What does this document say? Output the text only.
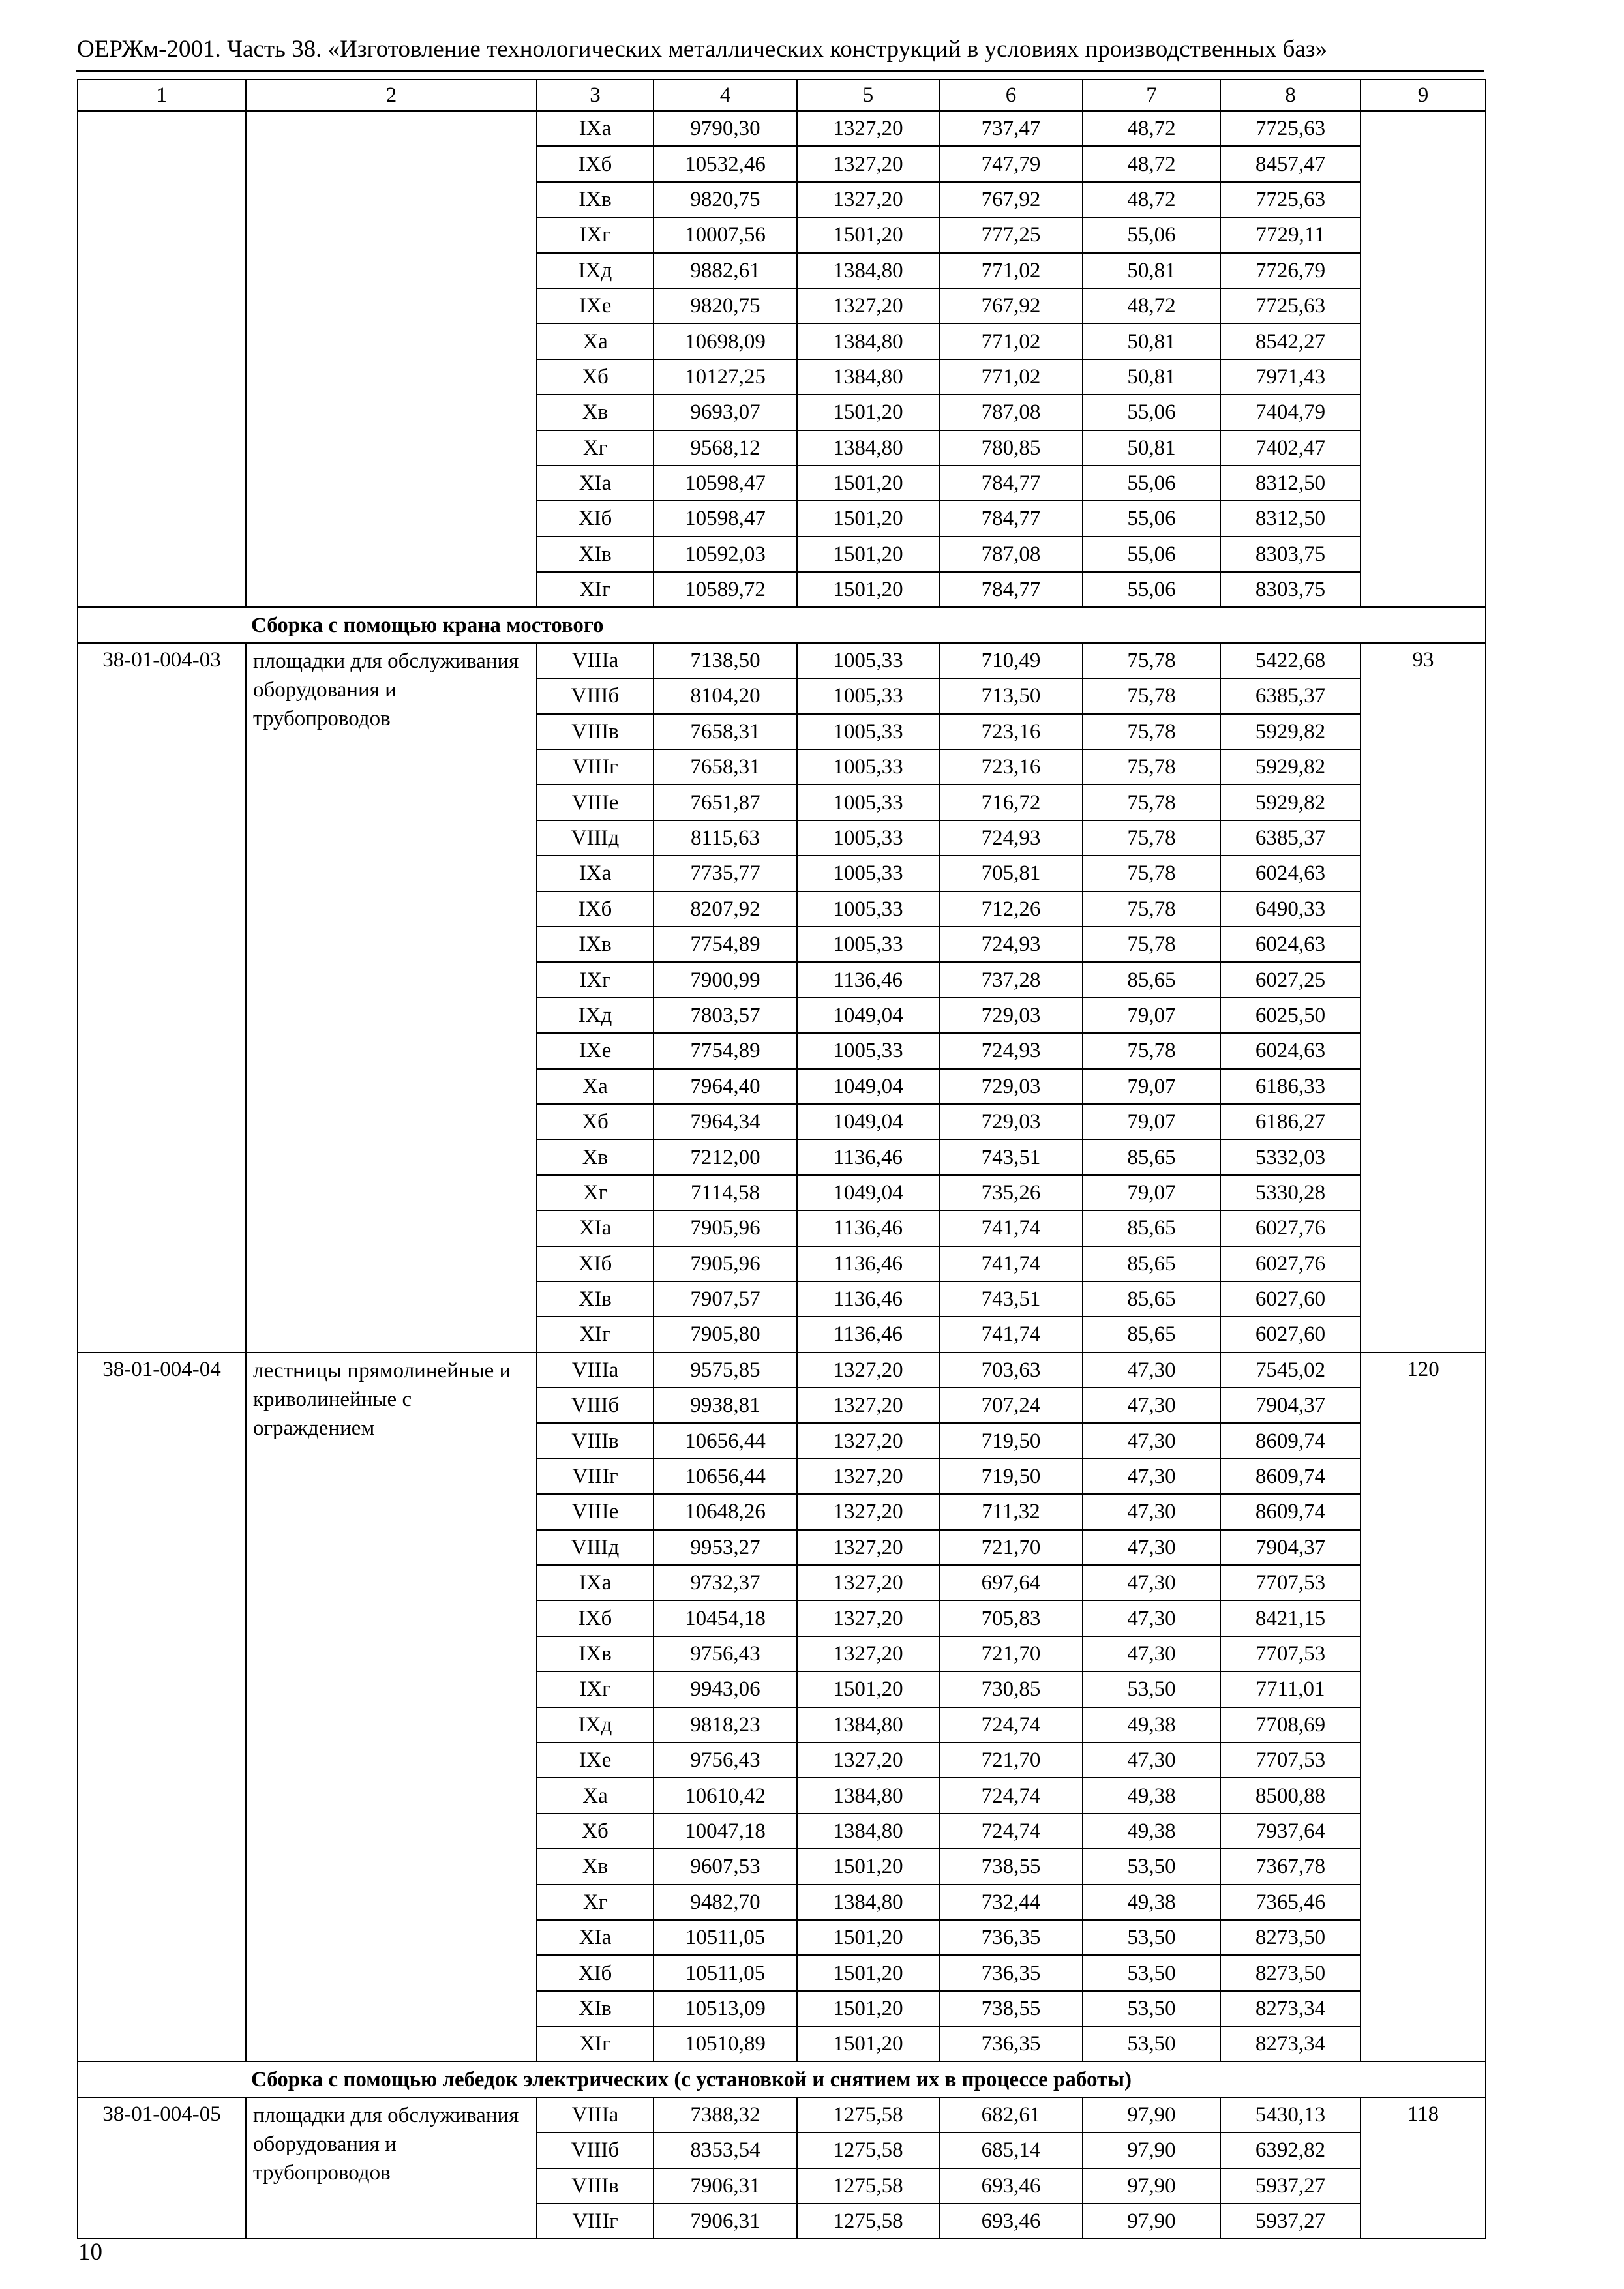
ОЕРЖм-2001. Часть 38. «Изготовление технологических металлических конструкций в условиях производственных баз»
1	2	3	4	5	6	7	8	9
		IXа	9790,30	1327,20	737,47	48,72	7725,63	
		IXб	10532,46	1327,20	747,79	48,72	8457,47	
		IXв	9820,75	1327,20	767,92	48,72	7725,63	
		IXг	10007,56	1501,20	777,25	55,06	7729,11	
		IXд	9882,61	1384,80	771,02	50,81	7726,79	
		IXе	9820,75	1327,20	767,92	48,72	7725,63	
		Xа	10698,09	1384,80	771,02	50,81	8542,27	
		Xб	10127,25	1384,80	771,02	50,81	7971,43	
		Xв	9693,07	1501,20	787,08	55,06	7404,79	
		Xг	9568,12	1384,80	780,85	50,81	7402,47	
		XIа	10598,47	1501,20	784,77	55,06	8312,50	
		XIб	10598,47	1501,20	784,77	55,06	8312,50	
		XIв	10592,03	1501,20	787,08	55,06	8303,75	
		XIг	10589,72	1501,20	784,77	55,06	8303,75	
Сборка с помощью крана мостового								
38-01-004-03	площадки для обслуживания оборудования и трубопроводов	VIIIа	7138,50	1005,33	710,49	75,78	5422,68	93
		VIIIб	8104,20	1005,33	713,50	75,78	6385,37	
		VIIIв	7658,31	1005,33	723,16	75,78	5929,82	
		VIIIг	7658,31	1005,33	723,16	75,78	5929,82	
		VIIIе	7651,87	1005,33	716,72	75,78	5929,82	
		VIIIд	8115,63	1005,33	724,93	75,78	6385,37	
		IXа	7735,77	1005,33	705,81	75,78	6024,63	
		IXб	8207,92	1005,33	712,26	75,78	6490,33	
		IXв	7754,89	1005,33	724,93	75,78	6024,63	
		IXг	7900,99	1136,46	737,28	85,65	6027,25	
		IXд	7803,57	1049,04	729,03	79,07	6025,50	
		IXе	7754,89	1005,33	724,93	75,78	6024,63	
		Xа	7964,40	1049,04	729,03	79,07	6186,33	
		Xб	7964,34	1049,04	729,03	79,07	6186,27	
		Xв	7212,00	1136,46	743,51	85,65	5332,03	
		Xг	7114,58	1049,04	735,26	79,07	5330,28	
		XIа	7905,96	1136,46	741,74	85,65	6027,76	
		XIб	7905,96	1136,46	741,74	85,65	6027,76	
		XIв	7907,57	1136,46	743,51	85,65	6027,60	
		XIг	7905,80	1136,46	741,74	85,65	6027,60	
38-01-004-04	лестницы прямолинейные и криволинейные с ограждением	VIIIа	9575,85	1327,20	703,63	47,30	7545,02	120
		VIIIб	9938,81	1327,20	707,24	47,30	7904,37	
		VIIIв	10656,44	1327,20	719,50	47,30	8609,74	
		VIIIг	10656,44	1327,20	719,50	47,30	8609,74	
		VIIIе	10648,26	1327,20	711,32	47,30	8609,74	
		VIIIд	9953,27	1327,20	721,70	47,30	7904,37	
		IXа	9732,37	1327,20	697,64	47,30	7707,53	
		IXб	10454,18	1327,20	705,83	47,30	8421,15	
		IXв	9756,43	1327,20	721,70	47,30	7707,53	
		IXг	9943,06	1501,20	730,85	53,50	7711,01	
		IXд	9818,23	1384,80	724,74	49,38	7708,69	
		IXе	9756,43	1327,20	721,70	47,30	7707,53	
		Xа	10610,42	1384,80	724,74	49,38	8500,88	
		Xб	10047,18	1384,80	724,74	49,38	7937,64	
		Xв	9607,53	1501,20	738,55	53,50	7367,78	
		Xг	9482,70	1384,80	732,44	49,38	7365,46	
		XIа	10511,05	1501,20	736,35	53,50	8273,50	
		XIб	10511,05	1501,20	736,35	53,50	8273,50	
		XIв	10513,09	1501,20	738,55	53,50	8273,34	
		XIг	10510,89	1501,20	736,35	53,50	8273,34	
Сборка с помощью лебедок электрических (с установкой и снятием их в процессе работы)								
38-01-004-05	площадки для обслуживания оборудования и трубопроводов	VIIIа	7388,32	1275,58	682,61	97,90	5430,13	118
		VIIIб	8353,54	1275,58	685,14	97,90	6392,82	
		VIIIв	7906,31	1275,58	693,46	97,90	5937,27	
		VIIIг	7906,31	1275,58	693,46	97,90	5937,27	
10
